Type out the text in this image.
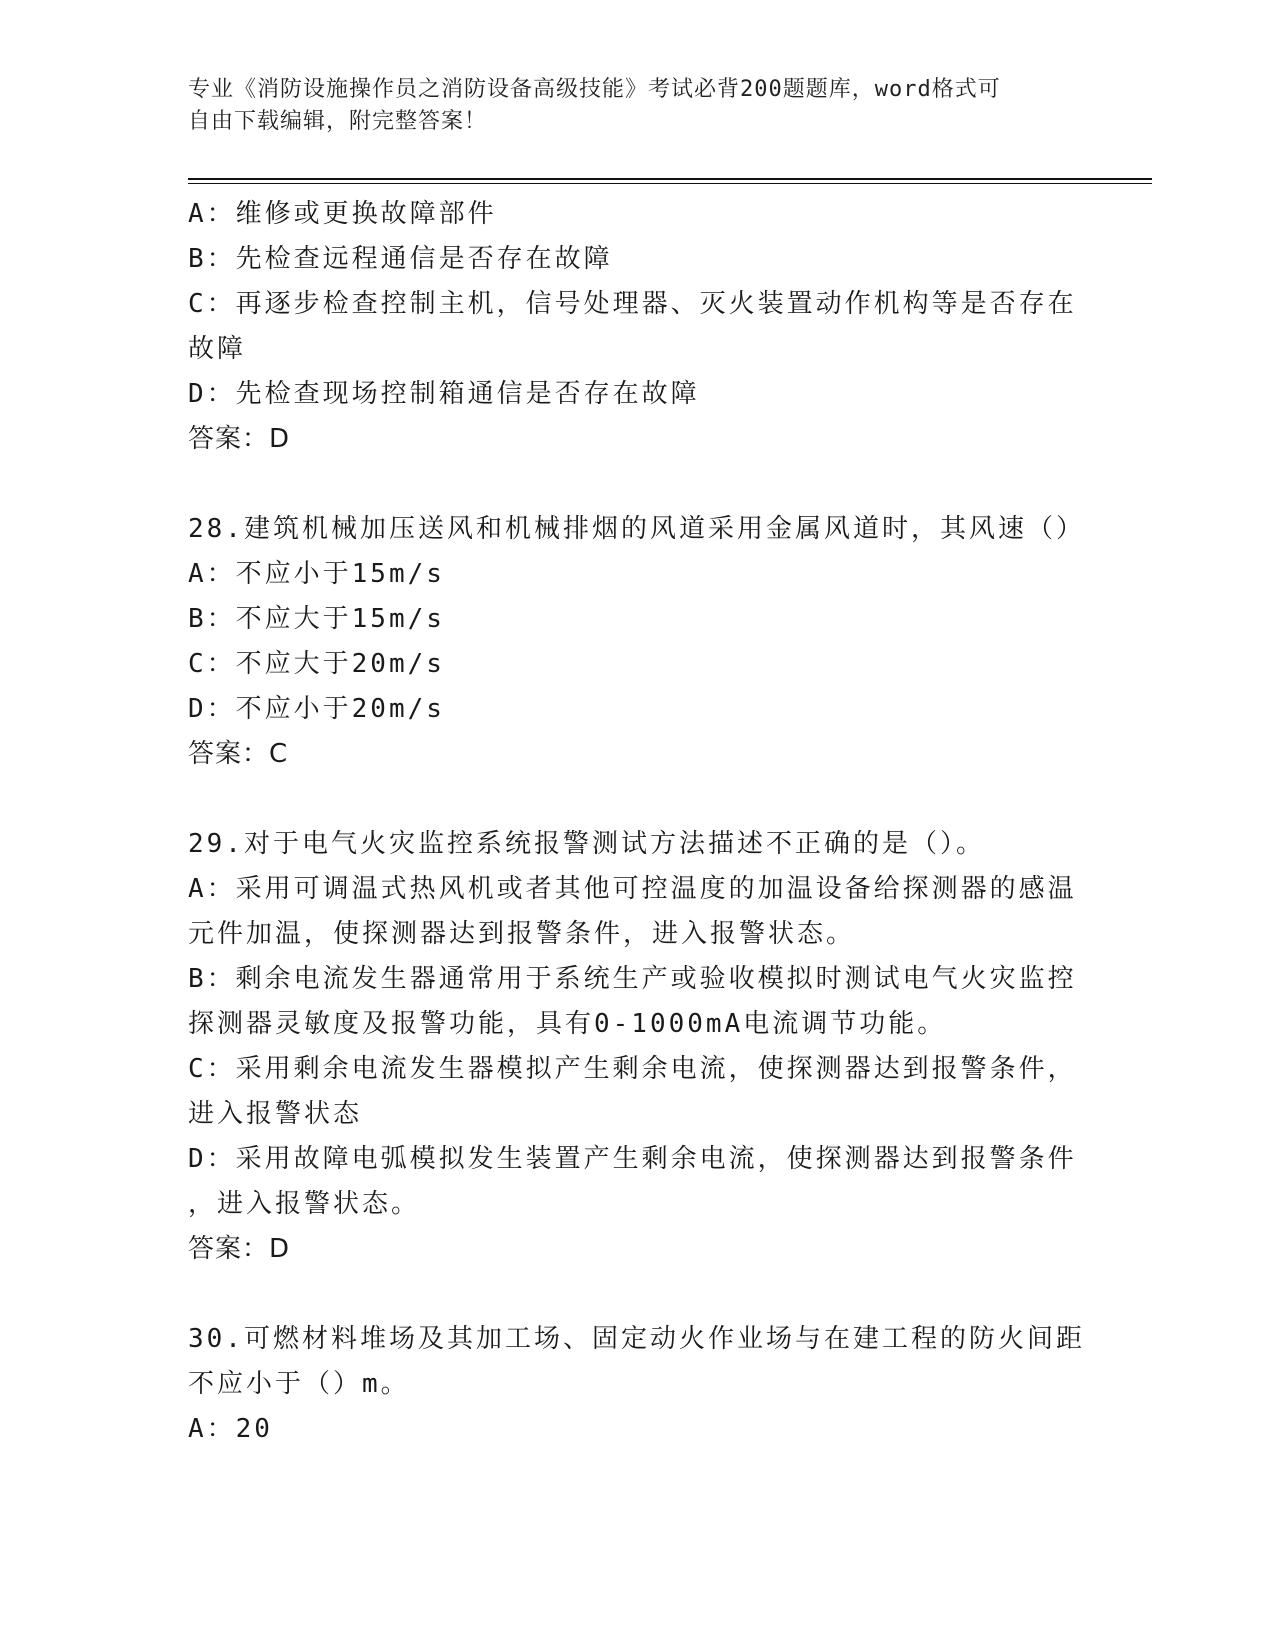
专业《消防设施操作员之消防设备高级技能》考试必背200题题库，word格式可
自由下载编辑，附完整答案！
A：维修或更换故障部件
B：先检查远程通信是否存在故障
C：再逐步检查控制主机，信号处理器、灭火装置动作机构等是否存在
故障
D：先检查现场控制箱通信是否存在故障
答案：D
28.建筑机械加压送风和机械排烟的风道采用金属风道时，其风速（）
A：不应小于15m/s
B：不应大于15m/s
C：不应大于20m/s
D：不应小于20m/s
答案：C
29.对于电气火灾监控系统报警测试方法描述不正确的是（）。
A：采用可调温式热风机或者其他可控温度的加温设备给探测器的感温
元件加温，使探测器达到报警条件，进入报警状态。
B：剩余电流发生器通常用于系统生产或验收模拟时测试电气火灾监控
探测器灵敏度及报警功能，具有0-1000mA电流调节功能。
C：采用剩余电流发生器模拟产生剩余电流，使探测器达到报警条件，
进入报警状态
D：采用故障电弧模拟发生装置产生剩余电流，使探测器达到报警条件
，进入报警状态。
答案：D
30.可燃材料堆场及其加工场、固定动火作业场与在建工程的防火间距
不应小于（）m。
A：20
